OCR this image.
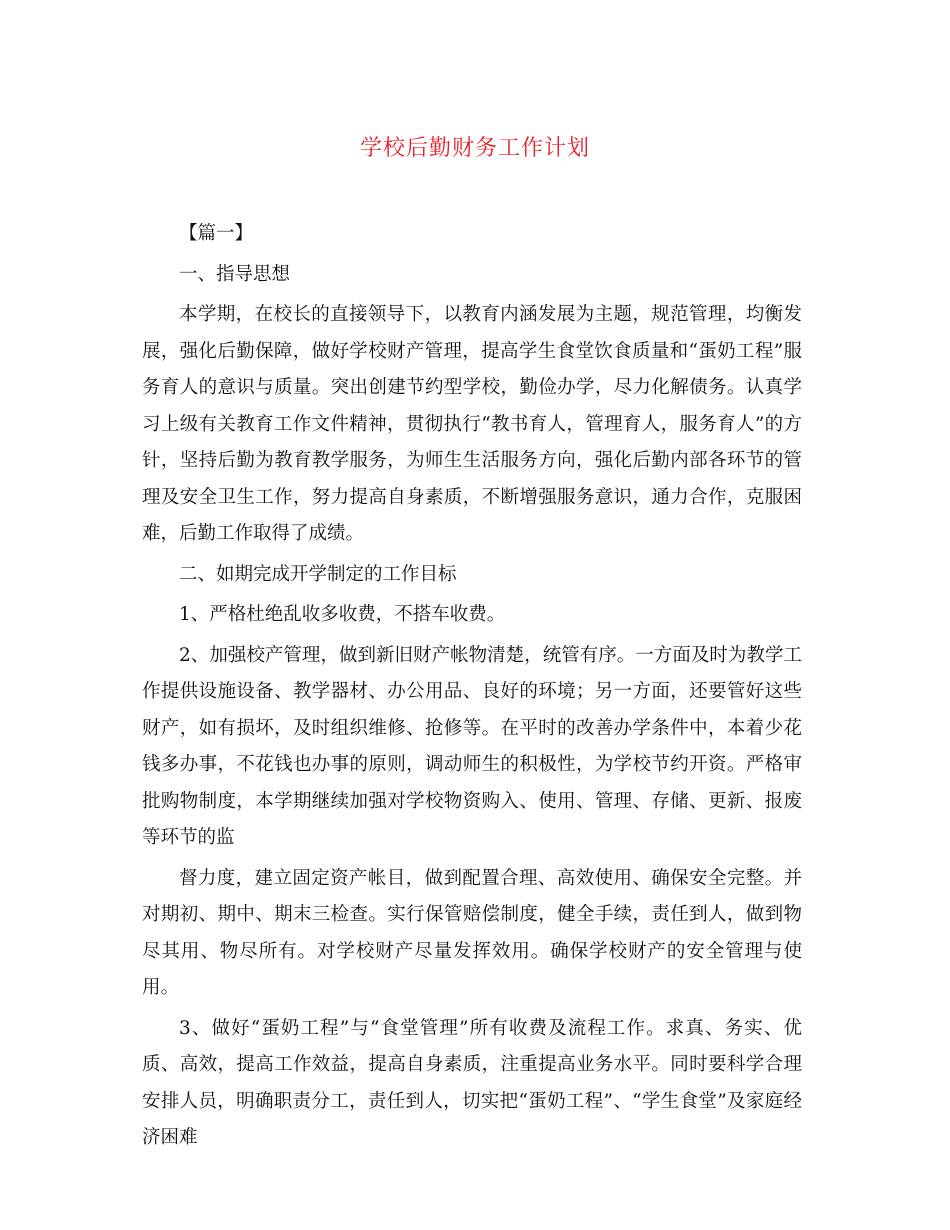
学校后勤财务工作计划

【篇一】

一、指导思想

本学期，在校长的直接领导下，以教育内涵发展为主题，规范管理，均衡发展，强化后勤保障，做好学校财产管理，提高学生食堂饮食质量和“蛋奶工程”服务育人的意识与质量。突出创建节约型学校，勤俭办学，尽力化解债务。认真学习上级有关教育工作文件精神，贯彻执行“教书育人，管理育人，服务育人”的方针，坚持后勤为教育教学服务，为师生生活服务方向，强化后勤内部各环节的管理及安全卫生工作，努力提高自身素质，不断增强服务意识，通力合作，克服困难，后勤工作取得了成绩。

二、如期完成开学制定的工作目标

1、严格杜绝乱收多收费，不搭车收费。

2、加强校产管理，做到新旧财产帐物清楚，统管有序。一方面及时为教学工作提供设施设备、教学器材、办公用品、良好的环境；另一方面，还要管好这些财产，如有损坏，及时组织维修、抢修等。在平时的改善办学条件中，本着少花钱多办事，不花钱也办事的原则，调动师生的积极性，为学校节约开资。严格审批购物制度，本学期继续加强对学校物资购入、使用、管理、存储、更新、报废等环节的监

督力度，建立固定资产帐目，做到配置合理、高效使用、确保安全完整。并对期初、期中、期末三检查。实行保管赔偿制度，健全手续，责任到人，做到物尽其用、物尽所有。对学校财产尽量发挥效用。确保学校财产的安全管理与使用。

3、做好“蛋奶工程”与“食堂管理”所有收费及流程工作。求真、务实、优质、高效，提高工作效益，提高自身素质，注重提高业务水平。同时要科学合理安排人员，明确职责分工，责任到人，切实把“蛋奶工程”、“学生食堂”及家庭经济困难
